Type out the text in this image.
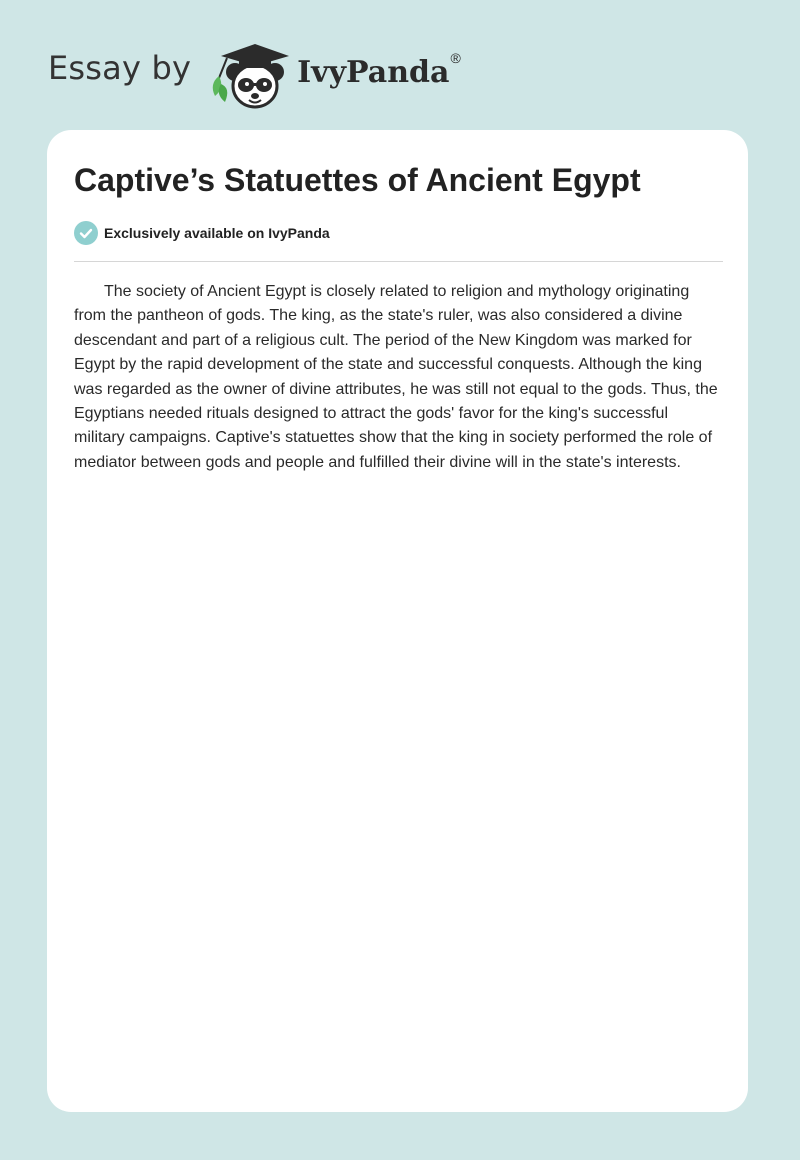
Essay by	IvyPanda ®
Captive’s Statuettes of Ancient Egypt
Exclusively available on IvyPanda

The society of Ancient Egypt is closely related to religion and mythology originating from the pantheon of gods. The king, as the state's ruler, was also considered a divine descendant and part of a religious cult. The period of the New Kingdom was marked for Egypt by the rapid development of the state and successful conquests. Although the king was regarded as the owner of divine attributes, he was still not equal to the gods. Thus, the Egyptians needed rituals designed to attract the gods' favor for the king's successful military campaigns. Captive's statuettes show that the king in society performed the role of mediator between gods and people and fulfilled their divine will in the state's interests.
